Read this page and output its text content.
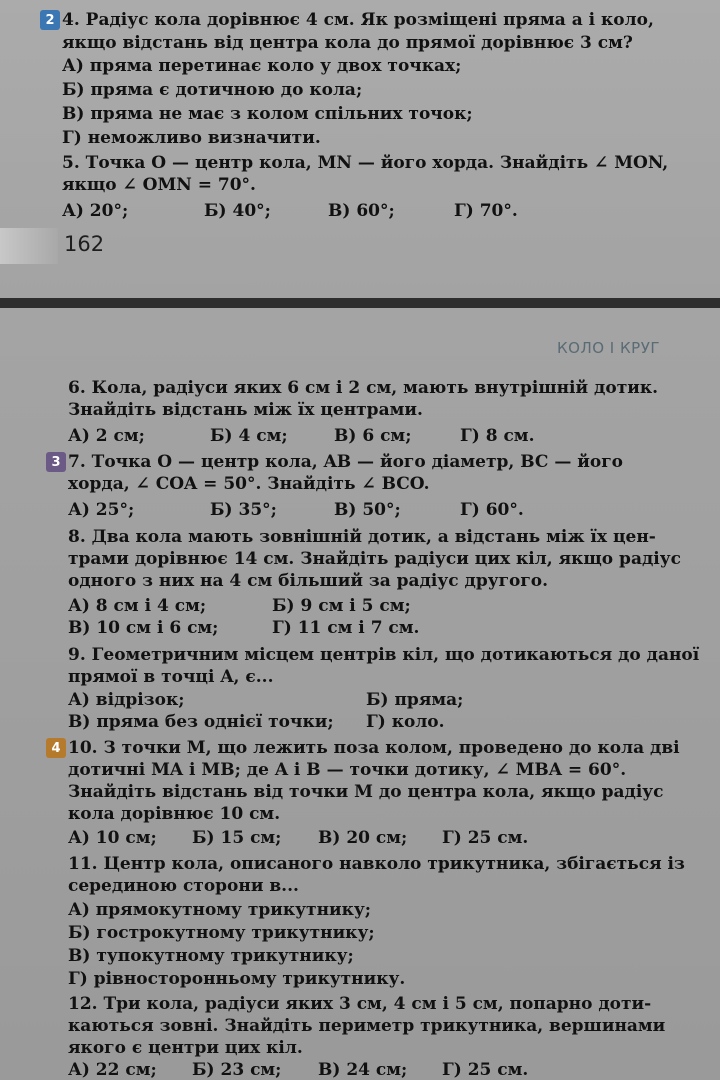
2 4. Радіус кола дорівнює 4 см. Як розміщені пряма a і коло,
якщо відстань від центра кола до прямої дорівнює 3 см?
А) пряма перетинає коло у двох точках;
Б) пряма є дотичною до кола;
В) пряма не має з колом спільних точок;
Г) неможливо визначити.
5. Точка O — центр кола, MN — його хорда. Знайдіть ∠ MON,
якщо ∠ OMN = 70°.
А) 20°;	Б) 40°;	В) 60°;	Г) 70°.
162
КОЛО І КРУГ
6. Кола, радіуси яких 6 см і 2 см, мають внутрішній дотик.
Знайдіть відстань між їх центрами.
А) 2 см;	Б) 4 см;	В) 6 см;	Г) 8 см.
3 7. Точка O — центр кола, AB — його діаметр, BC — його
хорда, ∠ COA = 50°. Знайдіть ∠ BCO.
А) 25°;	Б) 35°;	В) 50°;	Г) 60°.
8. Два кола мають зовнішній дотик, а відстань між їх цен-
трами дорівнює 14 см. Знайдіть радіуси цих кіл, якщо радіус
одного з них на 4 см більший за радіус другого.
А) 8 см і 4 см;	Б) 9 см і 5 см;
В) 10 см і 6 см;	Г) 11 см і 7 см.
9. Геометричним місцем центрів кіл, що дотикаються до даної
прямої в точці A, є...
А) відрізок;	Б) пряма;
В) пряма без однієї точки; Г) коло.
4 10. З точки M, що лежить поза колом, проведено до кола дві
дотичні MA і MB; де A і B — точки дотику, ∠ MBA = 60°.
Знайдіть відстань від точки M до центра кола, якщо радіус
кола дорівнює 10 см.
А) 10 см; Б) 15 см; В) 20 см; Г) 25 см.
11. Центр кола, описаного навколо трикутника, збігається із
серединою сторони в...
А) прямокутному трикутнику;
Б) гострокутному трикутнику;
В) тупокутному трикутнику;
Г) рівносторонньому трикутнику.
12. Три кола, радіуси яких 3 см, 4 см і 5 см, попарно доти-
каються зовні. Знайдіть периметр трикутника, вершинами
якого є центри цих кіл.
А) 22 см; Б) 23 см; В) 24 см; Г) 25 см.
